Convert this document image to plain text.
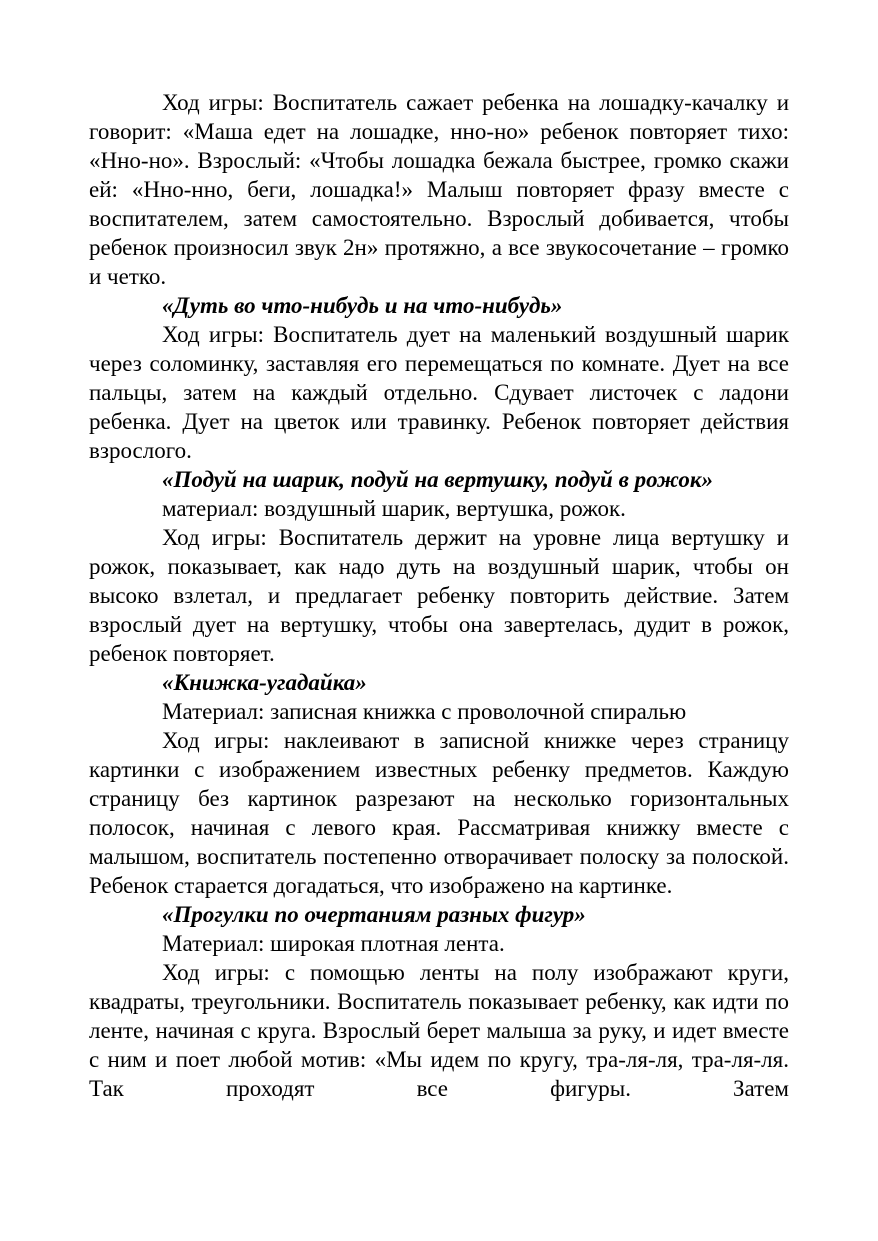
Ход игры: Воспитатель сажает ребенка на лошадку-качалку и говорит: «Маша едет на лошадке, нно-но» ребенок повторяет тихо: «Нно-но». Взрослый: «Чтобы лошадка бежала быстрее, громко скажи ей: «Нно-нно, беги, лошадка!» Малыш повторяет фразу вместе с воспитателем, затем самостоятельно. Взрослый добивается, чтобы ребенок произносил звук 2н» протяжно, а все звукосочетание – громко и четко.

«Дуть во что-нибудь и на что-нибудь»

Ход игры: Воспитатель дует на маленький воздушный шарик через соломинку, заставляя его перемещаться по комнате. Дует на все пальцы, затем на каждый отдельно. Сдувает листочек с ладони ребенка. Дует на цветок или травинку. Ребенок повторяет действия взрослого.

«Подуй на шарик, подуй на вертушку, подуй в рожок»

материал: воздушный шарик, вертушка, рожок.

Ход игры: Воспитатель держит на уровне лица вертушку и рожок, показывает, как надо дуть на воздушный шарик, чтобы он высоко взлетал, и предлагает ребенку повторить действие. Затем взрослый дует на вертушку, чтобы она завертелась, дудит в рожок, ребенок повторяет.

«Книжка-угадайка»

Материал: записная книжка с проволочной спиралью

Ход игры: наклеивают в записной книжке через страницу картинки с изображением известных ребенку предметов. Каждую страницу без картинок разрезают на несколько горизонтальных полосок, начиная с левого края. Рассматривая книжку вместе с малышом, воспитатель постепенно отворачивает полоску за полоской. Ребенок старается догадаться, что изображено на картинке.

«Прогулки по очертаниям разных фигур»

Материал: широкая плотная лента.

Ход игры: с помощью ленты на полу изображают круги, квадраты, треугольники. Воспитатель показывает ребенку, как идти по ленте, начиная с круга. Взрослый берет малыша за руку, и идет вместе с ним и поет любой мотив: «Мы идем по кругу, тра-ля-ля, тра-ля-ля. Так проходят все фигуры. Затем
